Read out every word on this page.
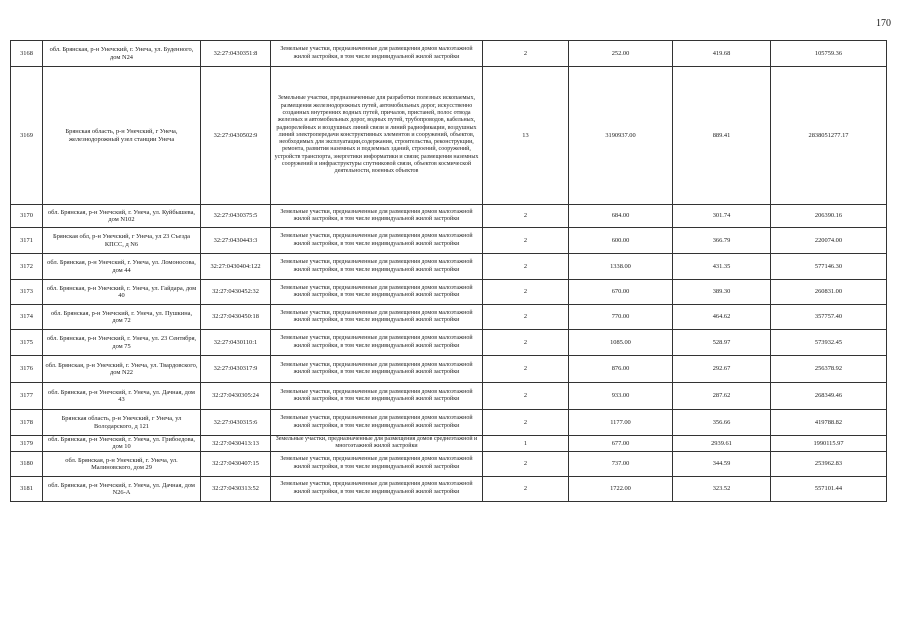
170
3168	обл. Брянская, р-н Унечский, г. Унеча, ул. Буденного, дом N24	32:27:0430351:8	Земельные участки, предназначенные для размещения домов малоэтажной жилой застройки, в том числе индивидуальной жилой застройки	2	252.00	419.68	105759.36
3169	Брянская область, р-н Унечский, г Унеча, железнодорожный узел станции Унеча	32:27:0430502:9	Земельные участки, предназначенные для разработки полезных ископаемых, размещения железнодорожных путей, автомобильных дорог, искусственно созданных внутренних водных путей, причалов, пристаней, полос отвода железных и автомобильных дорог, водных путей, трубопроводов, кабельных, радиорелейных и воздушных линий связи и линий радиофикации, воздушных линий электропередачи конструктивных элементов и сооружений, объектов, необходимых для эксплуатации,содержания, строительства, реконструкции, ремонта, развития наземных и подземных зданий, строений, сооружений, устройств транспорта, энергетики информатики и связи; размещения наземных сооружений и инфраструктуры спутниковой связи, объектов космической деятельности, военных объектов	13	3190937.00	889.41	2838051277.17
3170	обл. Брянская, р-н Унечский, г. Унеча, ул. Куйбышева, дом N102	32:27:0430375:5	Земельные участки, предназначенные для размещения домов малоэтажной жилой застройки, в том числе индивидуальной жилой застройки	2	684.00	301.74	206390.16
3171	Брянская обл, р-н Унечский, г Унеча, ул 23 Съезда КПСС, д N6	32:27:0430443:3	Земельные участки, предназначенные для размещения домов малоэтажной жилой застройки, в том числе индивидуальной жилой застройки	2	600.00	366.79	220074.00
3172	обл. Брянская, р-н Унечский, г. Унеча, ул. Ломоносова, дом 44	32:27:0430404:122	Земельные участки, предназначенные для размещения домов малоэтажной жилой застройки, в том числе индивидуальной жилой застройки	2	1338.00	431.35	577146.30
3173	обл. Брянская, р-н Унечский, г. Унеча, ул. Гайдара, дом 40	32:27:0430452:32	Земельные участки, предназначенные для размещения домов малоэтажной жилой застройки, в том числе индивидуальной жилой застройки	2	670.00	389.30	260831.00
3174	обл. Брянская, р-н Унечский, г. Унеча, ул. Пушкина, дом 72	32:27:0430450:18	Земельные участки, предназначенные для размещения домов малоэтажной жилой застройки, в том числе индивидуальной жилой застройки	2	770.00	464.62	357757.40
3175	обл. Брянская, р-н Унечский, г. Унеча, ул. 23 Сентября, дом 75	32:27:0430110:1	Земельные участки, предназначенные для размещения домов малоэтажной жилой застройки, в том числе индивидуальной жилой застройки	2	1085.00	528.97	573932.45
3176	обл. Брянская, р-н Унечский, г. Унеча, ул. Твардовского, дом N22	32:27:0430317:9	Земельные участки, предназначенные для размещения домов малоэтажной жилой застройки, в том числе индивидуальной жилой застройки	2	876.00	292.67	256378.92
3177	обл. Брянская, р-н Унечский, г. Унеча, ул. Дачная, дом 43	32:27:0430305:24	Земельные участки, предназначенные для размещения домов малоэтажной жилой застройки, в том числе индивидуальной жилой застройки	2	933.00	287.62	268349.46
3178	Брянская область, р-н Унечский, г Унеча, ул Володарского, д 121	32:27:0430315:6	Земельные участки, предназначенные для размещения домов малоэтажной жилой застройки, в том числе индивидуальной жилой застройки	2	1177.00	356.66	419788.82
3179	обл. Брянская, р-н Унечский, г. Унеча, ул. Грибоедова, дом 10	32:27:0430413:13	Земельные участки, предназначенные для размещения домов среднеэтажной и многоэтажной жилой застройки	1	677.00	2939.61	1990115.97
3180	обл. Брянская, р-н Унечский, г. Унеча, ул. Малиновского, дом 29	32:27:0430407:15	Земельные участки, предназначенные для размещения домов малоэтажной жилой застройки, в том числе индивидуальной жилой застройки	2	737.00	344.59	253962.83
3181	обл. Брянская, р-н Унечский, г. Унеча, ул. Дачная, дом N26-А	32:27:0430313:52	Земельные участки, предназначенные для размещения домов малоэтажной жилой застройки, в том числе индивидуальной жилой застройки	2	1722.00	323.52	557101.44
